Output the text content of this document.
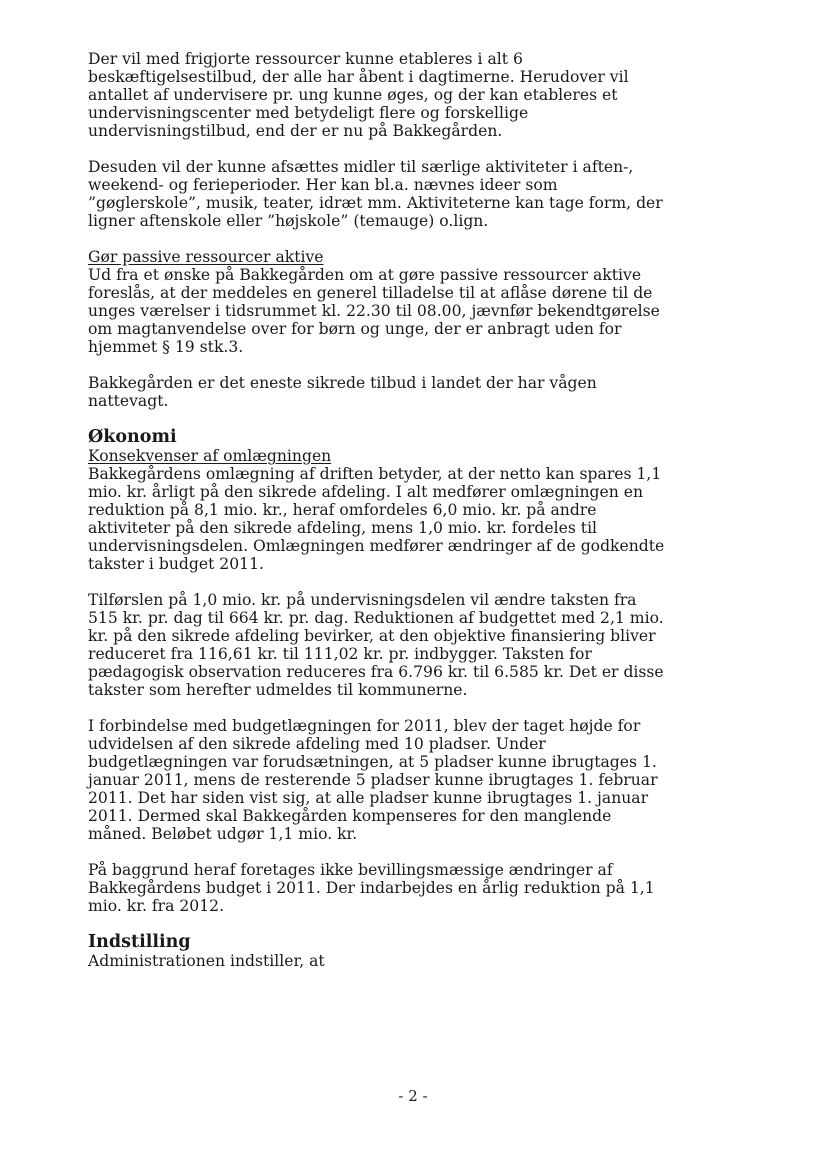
Der vil med frigjorte ressourcer kunne etableres i alt 6
beskæftigelsestilbud, der alle har åbent i dagtimerne. Herudover vil
antallet af undervisere pr. ung kunne øges, og der kan etableres et
undervisningscenter med betydeligt flere og forskellige
undervisningstilbud, end der er nu på Bakkegården.

Desuden vil der kunne afsættes midler til særlige aktiviteter i aften-,
weekend- og ferieperioder. Her kan bl.a. nævnes ideer som
”gøglerskole”, musik, teater, idræt mm. Aktiviteterne kan tage form, der
ligner aftenskole eller ”højskole” (temauge) o.lign.

Gør passive ressourcer aktive

Ud fra et ønske på Bakkegården om at gøre passive ressourcer aktive
foreslås, at der meddeles en generel tilladelse til at aflåse dørene til de
unges værelser i tidsrummet kl. 22.30 til 08.00, jævnfør bekendtgørelse
om magtanvendelse over for børn og unge, der er anbragt uden for
hjemmet § 19 stk.3.

Bakkegården er det eneste sikrede tilbud i landet der har vågen
nattevagt.

Økonomi
Konsekvenser af omlægningen

Bakkegårdens omlægning af driften betyder, at der netto kan spares 1,1
mio. kr. årligt på den sikrede afdeling. I alt medfører omlægningen en
reduktion på 8,1 mio. kr., heraf omfordeles 6,0 mio. kr. på andre
aktiviteter på den sikrede afdeling, mens 1,0 mio. kr. fordeles til
undervisningsdelen. Omlægningen medfører ændringer af de godkendte
takster i budget 2011.

Tilførslen på 1,0 mio. kr. på undervisningsdelen vil ændre taksten fra
515 kr. pr. dag til 664 kr. pr. dag. Reduktionen af budgettet med 2,1 mio.
kr. på den sikrede afdeling bevirker, at den objektive finansiering bliver
reduceret fra 116,61 kr. til 111,02 kr. pr. indbygger. Taksten for
pædagogisk observation reduceres fra 6.796 kr. til 6.585 kr. Det er disse
takster som herefter udmeldes til kommunerne.

I forbindelse med budgetlægningen for 2011, blev der taget højde for
udvidelsen af den sikrede afdeling med 10 pladser. Under
budgetlægningen var forudsætningen, at 5 pladser kunne ibrugtages 1.
januar 2011, mens de resterende 5 pladser kunne ibrugtages 1. februar
2011. Det har siden vist sig, at alle pladser kunne ibrugtages 1. januar
2011. Dermed skal Bakkegården kompenseres for den manglende
måned. Beløbet udgør 1,1 mio. kr.

På baggrund heraf foretages ikke bevillingsmæssige ændringer af
Bakkegårdens budget i 2011. Der indarbejdes en årlig reduktion på 1,1
mio. kr. fra 2012.

Indstilling

Administrationen indstiller, at

- 2 -
